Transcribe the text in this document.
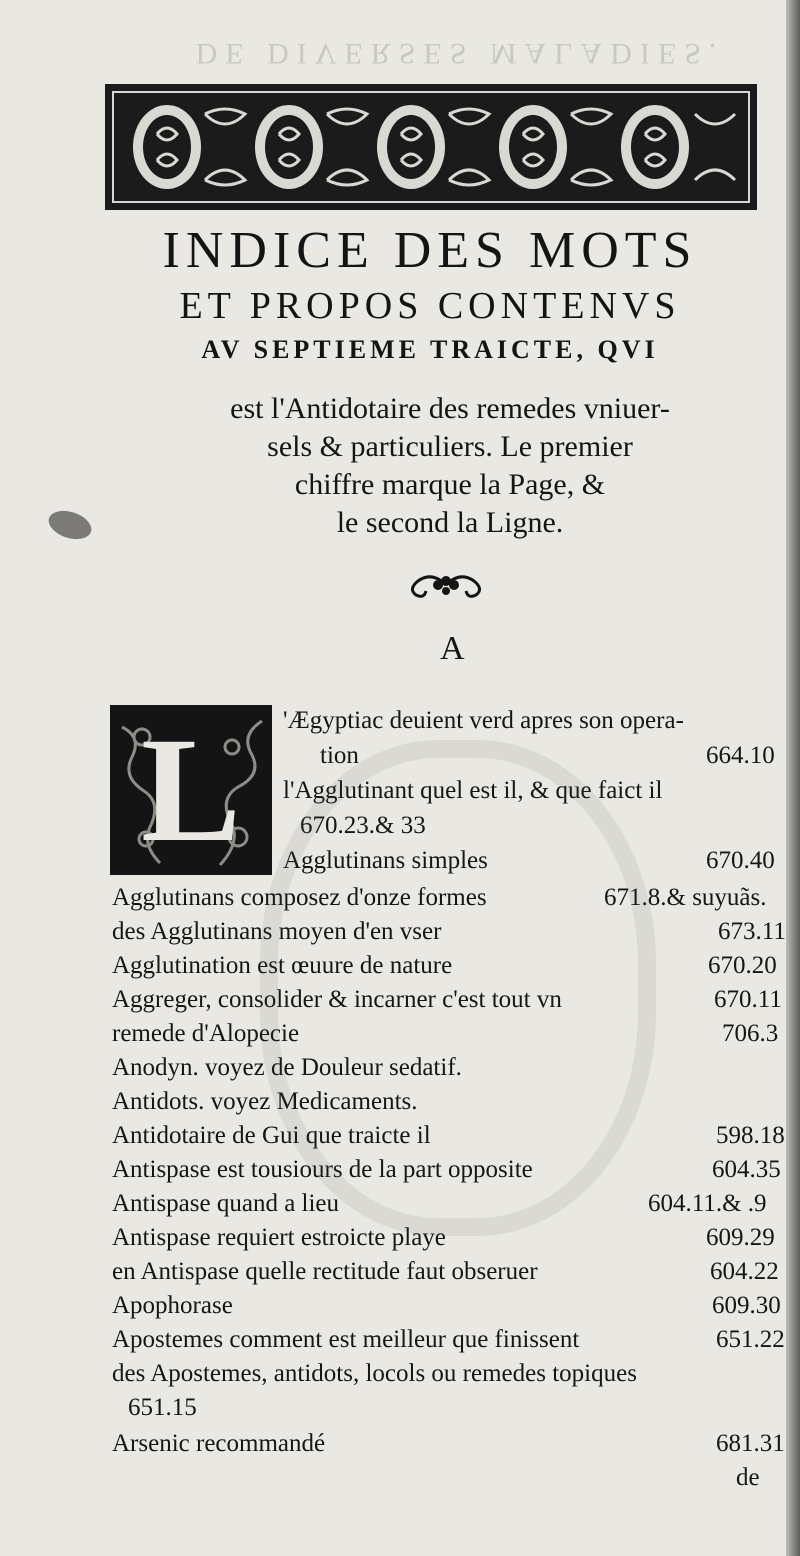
DE DIVERSES MALADIES.
INDICE DES MOTS
ET PROPOS CONTENVS
AV SEPTIEME TRAICTE, QVI
est l'Antidotaire des remedes vniuer-
sels & particuliers. Le premier
chiffre marque la Page, &
le second la Ligne.
A
L	'Ægyptiac deuient verd apres son opera-
tion	664.10
l'Agglutinant quel est il, & que faict il
670.23.& 33
Agglutinans simples	670.40
Agglutinans composez d'onze formes	671.8.& suyuãs.
des Agglutinans moyen d'en vser	673.11
Agglutination est œuure de nature	670.20
Aggreger, consolider & incarner c'est tout vn	670.11
remede d'Alopecie	706.3
Anodyn. voyez de Douleur sedatif.
Antidots. voyez Medicaments.
Antidotaire de Gui que traicte il	598.18
Antispase est tousiours de la part opposite	604.35
Antispase quand a lieu	604.11.& .9
Antispase requiert estroicte playe	609.29
en Antispase quelle rectitude faut obseruer	604.22
Apophorase	609.30
Apostemes comment est meilleur que finissent	651.22
des Apostemes, antidots, locols ou remedes topiques
651.15
Arsenic recommandé	681.31
de
